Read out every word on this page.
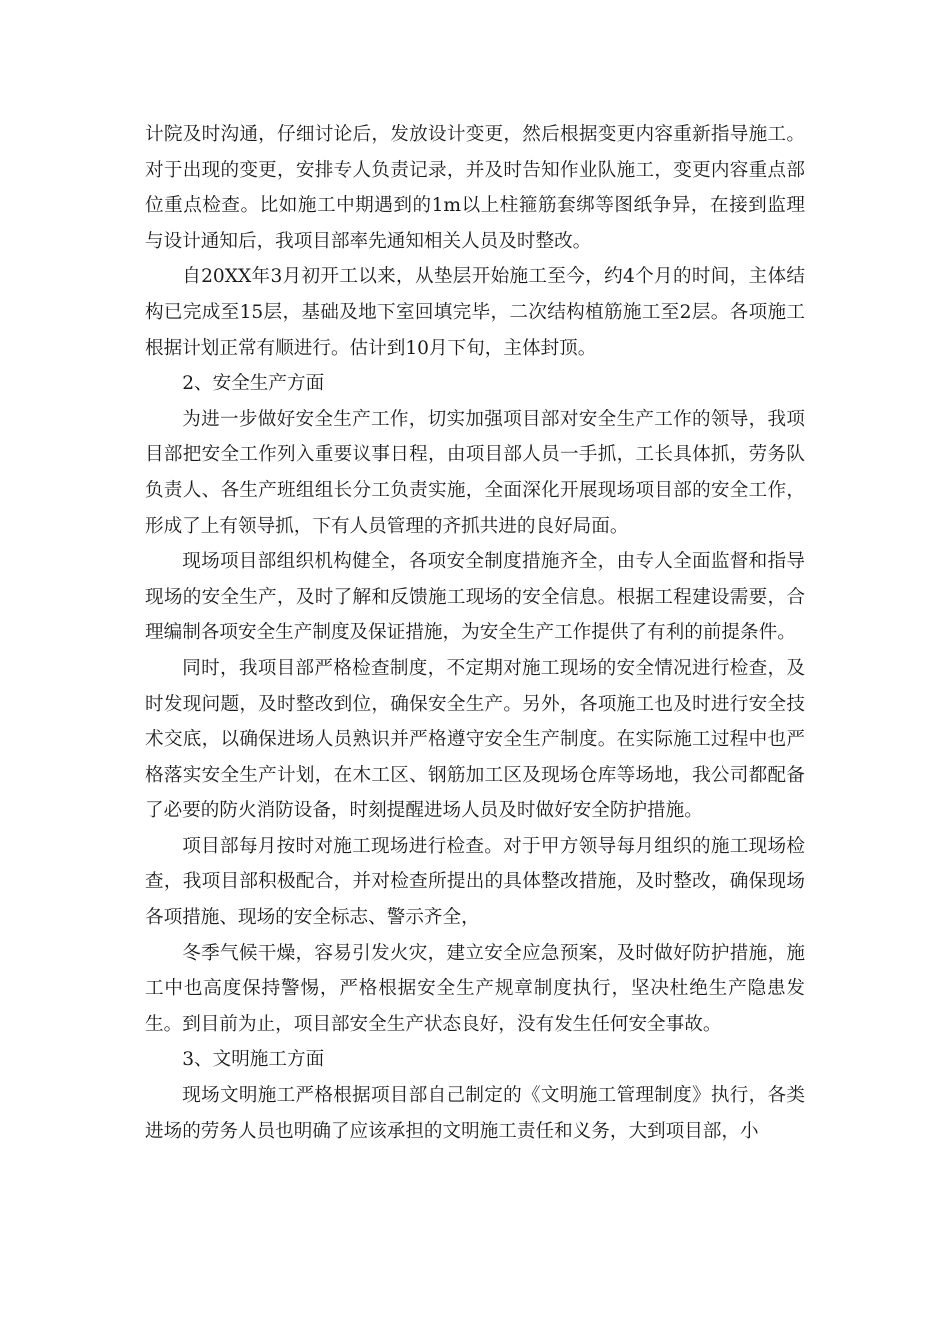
计院及时沟通，仔细讨论后，发放设计变更，然后根据变更内容重新指导施工。对于出现的变更，安排专人负责记录，并及时告知作业队施工，变更内容重点部位重点检查。比如施工中期遇到的1m以上柱箍筋套绑等图纸争异，在接到监理与设计通知后，我项目部率先通知相关人员及时整改。

自20XX年3月初开工以来，从垫层开始施工至今，约4个月的时间，主体结构已完成至15层，基础及地下室回填完毕，二次结构植筋施工至2层。各项施工根据计划正常有顺进行。估计到10月下旬，主体封顶。

2、安全生产方面

为进一步做好安全生产工作，切实加强项目部对安全生产工作的领导，我项目部把安全工作列入重要议事日程，由项目部人员一手抓，工长具体抓，劳务队负责人、各生产班组组长分工负责实施，全面深化开展现场项目部的安全工作，形成了上有领导抓，下有人员管理的齐抓共进的良好局面。

现场项目部组织机构健全，各项安全制度措施齐全，由专人全面监督和指导现场的安全生产，及时了解和反馈施工现场的安全信息。根据工程建设需要，合理编制各项安全生产制度及保证措施，为安全生产工作提供了有利的前提条件。

同时，我项目部严格检查制度，不定期对施工现场的安全情况进行检查，及时发现问题，及时整改到位，确保安全生产。另外，各项施工也及时进行安全技术交底，以确保进场人员熟识并严格遵守安全生产制度。在实际施工过程中也严格落实安全生产计划，在木工区、钢筋加工区及现场仓库等场地，我公司都配备了必要的防火消防设备，时刻提醒进场人员及时做好安全防护措施。

项目部每月按时对施工现场进行检查。对于甲方领导每月组织的施工现场检查，我项目部积极配合，并对检查所提出的具体整改措施，及时整改，确保现场各项措施、现场的安全标志、警示齐全，

冬季气候干燥，容易引发火灾，建立安全应急预案，及时做好防护措施，施工中也高度保持警惕，严格根据安全生产规章制度执行，坚决杜绝生产隐患发生。到目前为止，项目部安全生产状态良好，没有发生任何安全事故。

3、文明施工方面

现场文明施工严格根据项目部自己制定的《文明施工管理制度》执行，各类进场的劳务人员也明确了应该承担的文明施工责任和义务，大到项目部，小
